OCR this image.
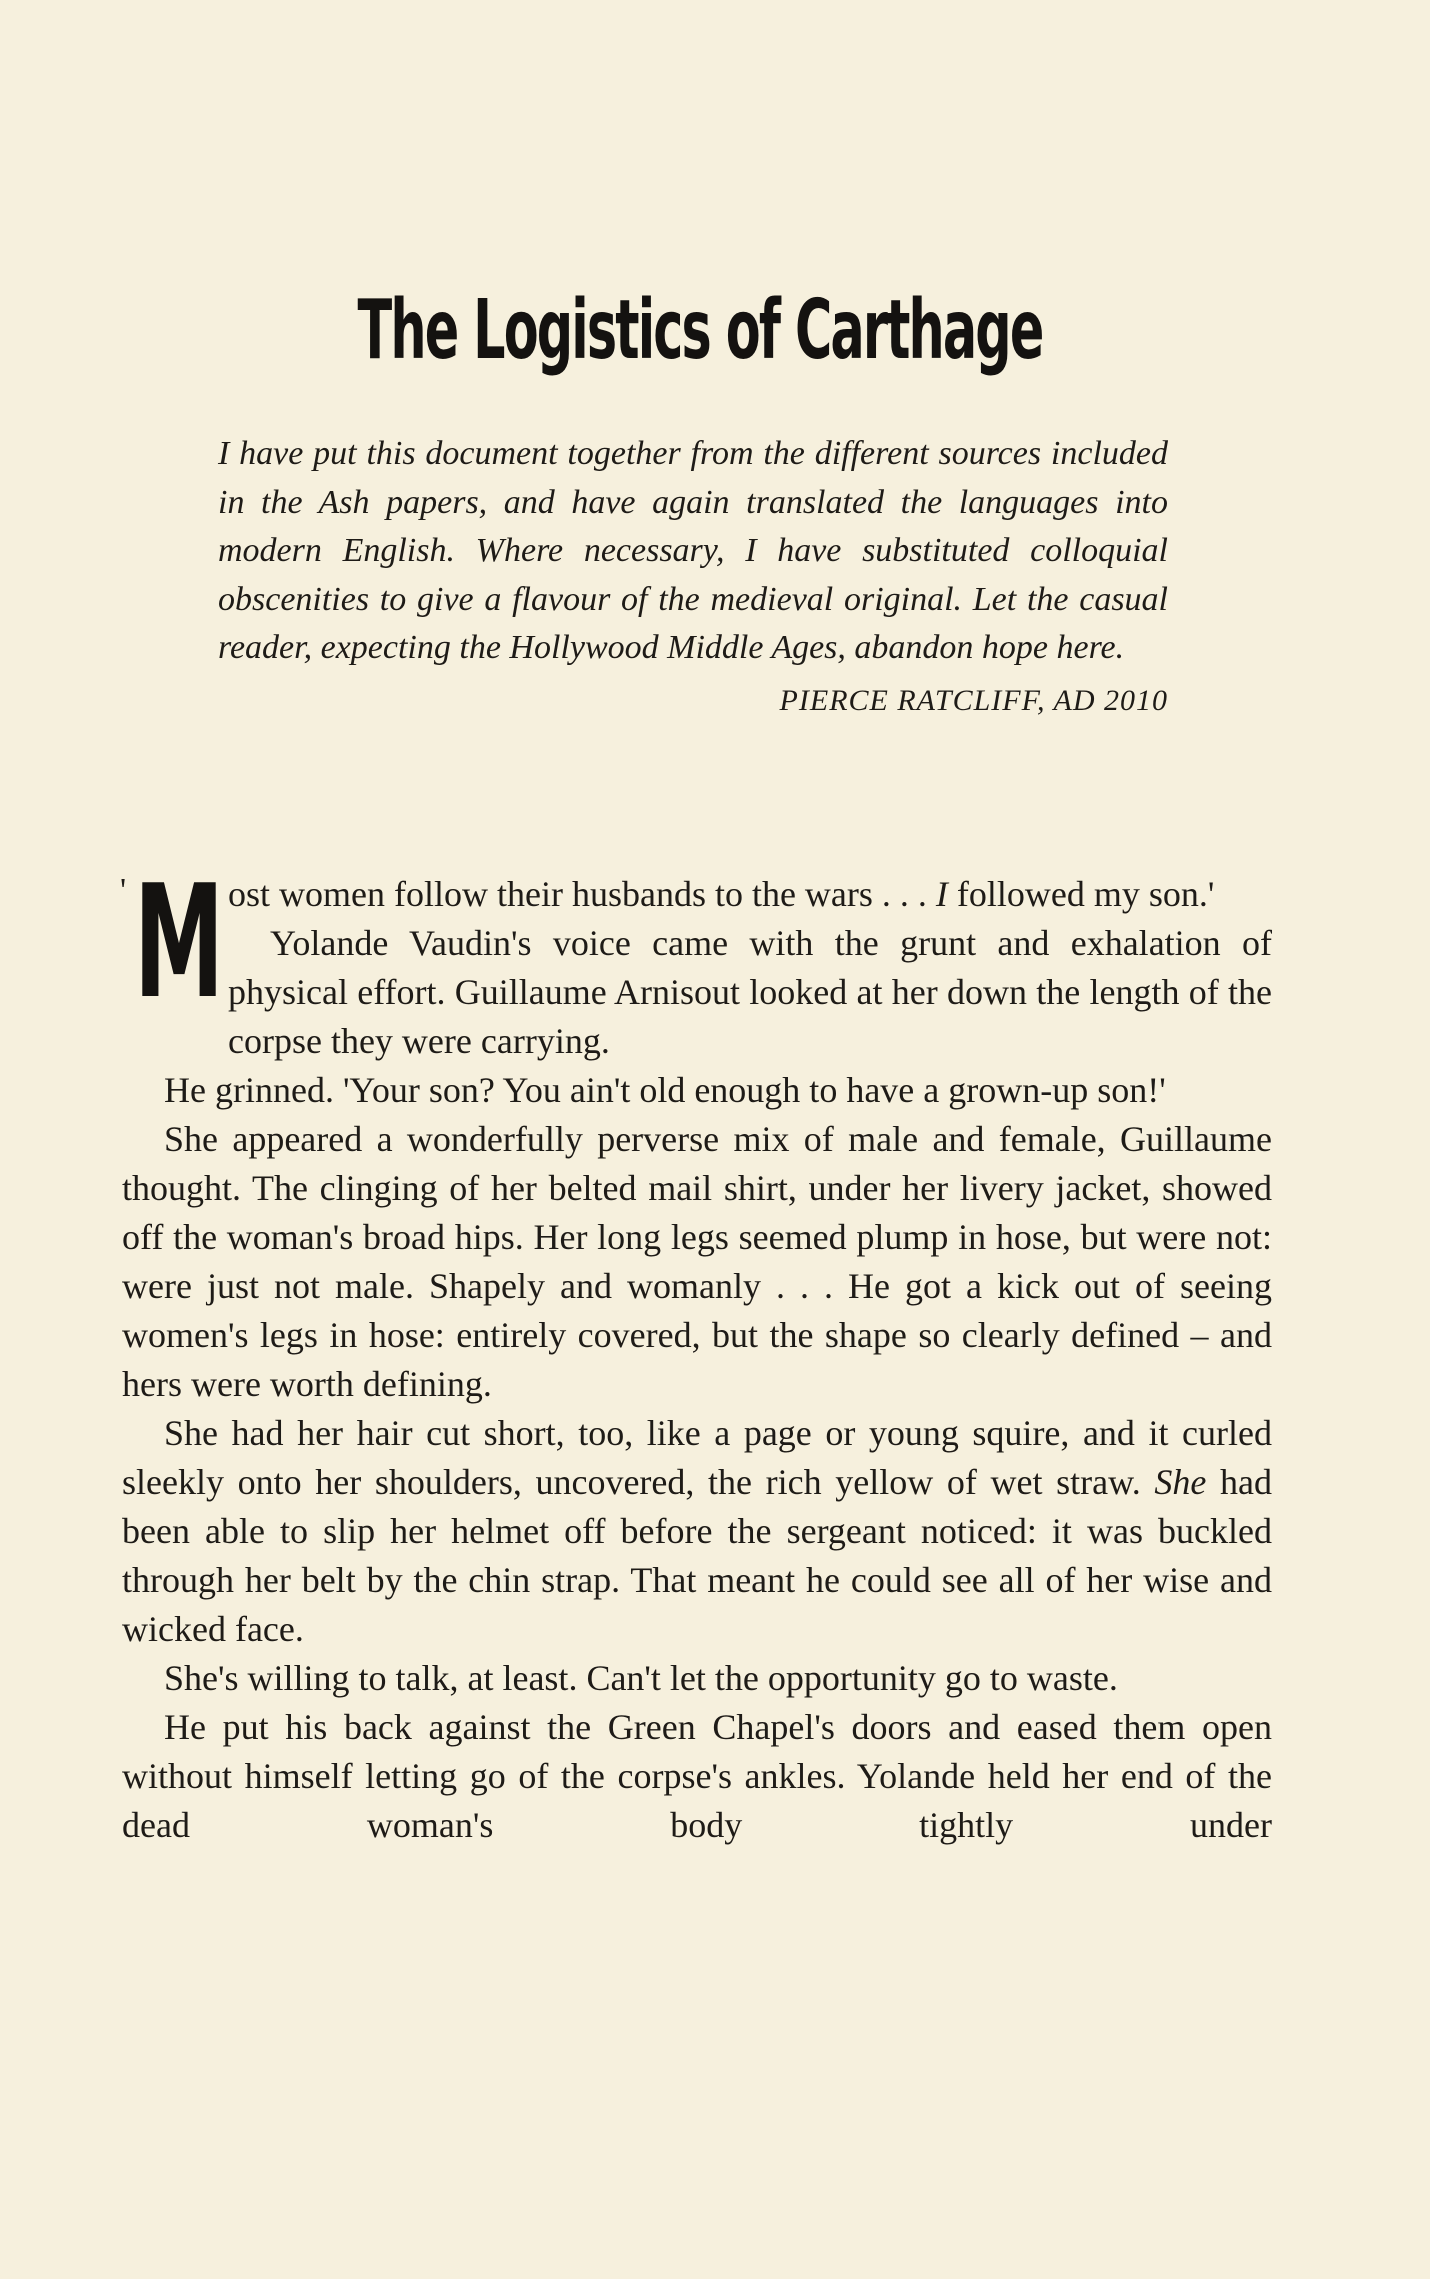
The Logistics of Carthage

I have put this document together from the different sources included in the Ash papers, and have again translated the languages into modern English. Where necessary, I have substituted colloquial obscenities to give a flavour of the medieval original. Let the casual reader, expecting the Hollywood Middle Ages, abandon hope here.

PIERCE RATCLIFF, AD 2010

' M ost women follow their husbands to the wars . . . I followed my son.'

Yolande Vaudin's voice came with the grunt and exhalation of physical effort. Guillaume Arnisout looked at her down the length of the corpse they were carrying.

He grinned. 'Your son? You ain't old enough to have a grown-up son!'

She appeared a wonderfully perverse mix of male and female, Guillaume thought. The clinging of her belted mail shirt, under her livery jacket, showed off the woman's broad hips. Her long legs seemed plump in hose, but were not: were just not male. Shapely and womanly . . . He got a kick out of seeing women's legs in hose: entirely covered, but the shape so clearly defined – and hers were worth defining.

She had her hair cut short, too, like a page or young squire, and it curled sleekly onto her shoulders, uncovered, the rich yellow of wet straw. She had been able to slip her helmet off before the sergeant noticed: it was buckled through her belt by the chin strap. That meant he could see all of her wise and wicked face.

She's willing to talk, at least. Can't let the opportunity go to waste.

He put his back against the Green Chapel's doors and eased them open without himself letting go of the corpse's ankles. Yolande held her end of the dead woman's body tightly under
